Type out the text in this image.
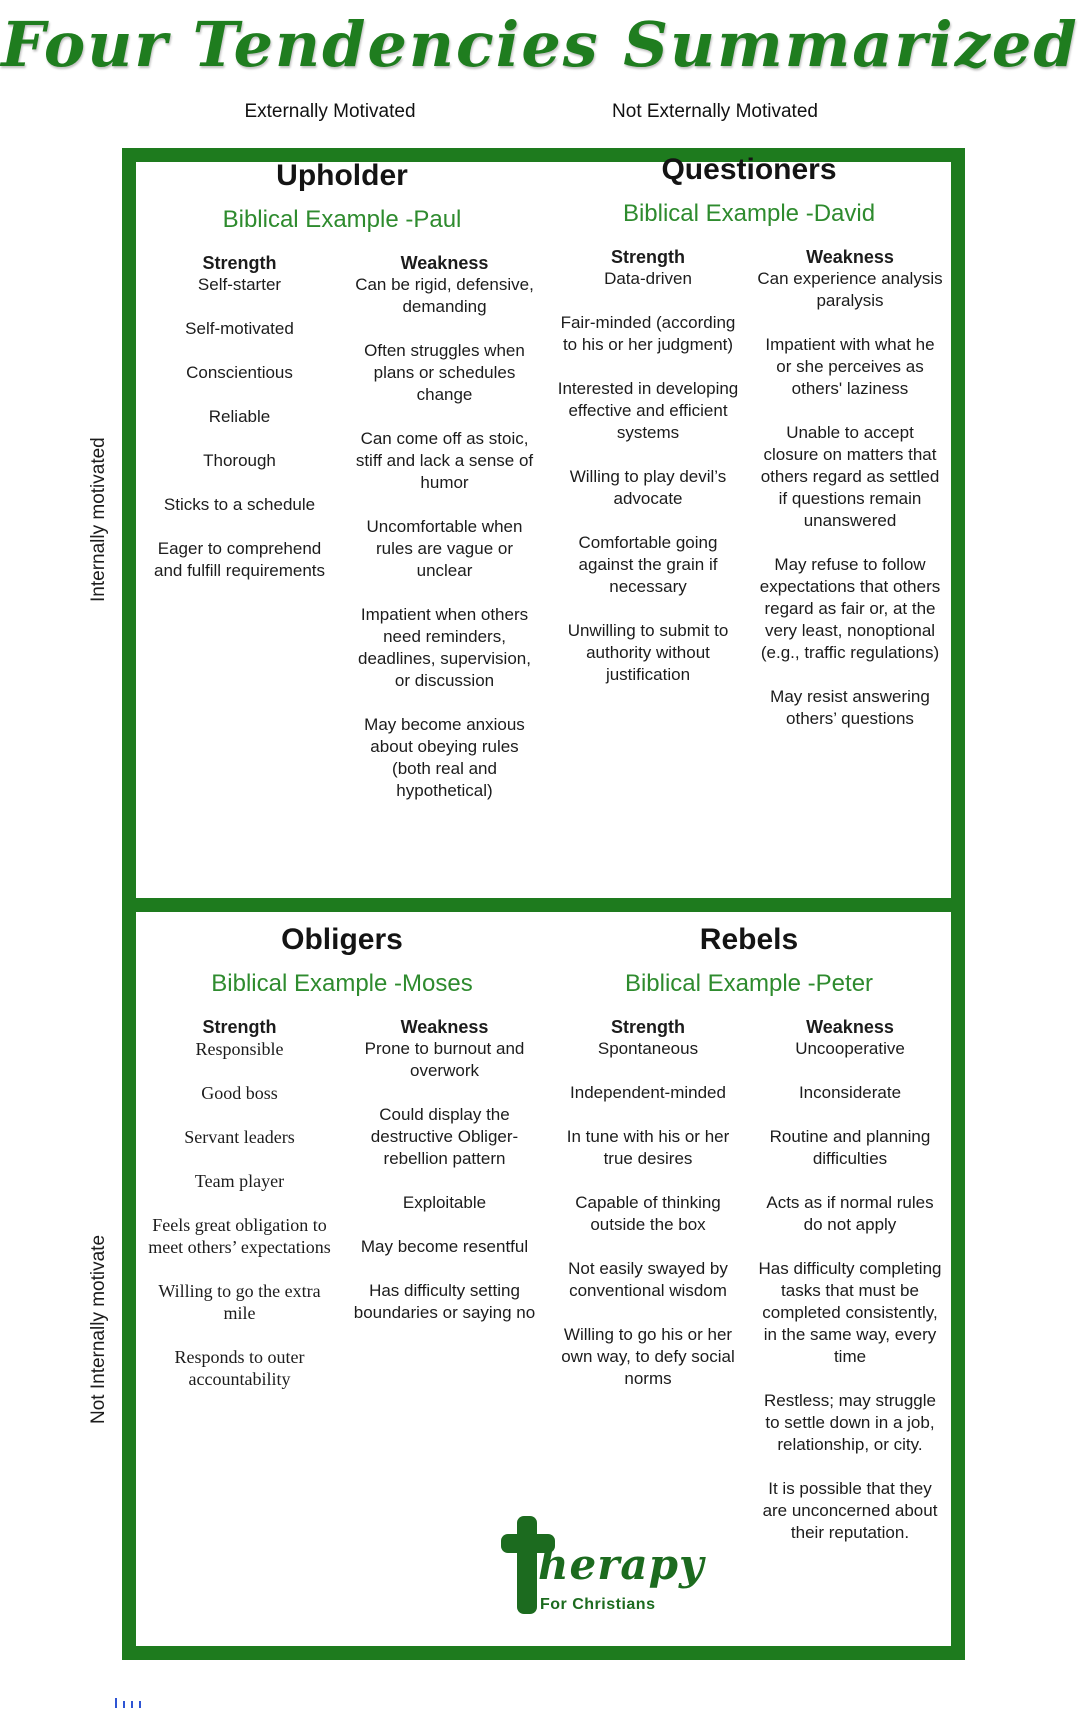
Four Tendencies Summarized
Externally Motivated	Not Externally Motivated
Internally motivated
Not Internally motivate
Upholder
Biblical Example -Paul
Strength
Self-starter
Self-motivated
Conscientious
Reliable
Thorough
Sticks to a schedule
Eager to comprehend and fulfill requirements
Weakness
Can be rigid, defensive, demanding
Often struggles when plans or schedules change
Can come off as stoic, stiff and lack a sense of humor
Uncomfortable when rules are vague or unclear
Impatient when others need reminders, deadlines, supervision, or discussion
May become anxious about obeying rules (both real and hypothetical)
Questioners
Biblical Example -David
Strength
Data-driven
Fair-minded (according to his or her judgment)
Interested in developing effective and efficient systems
Willing to play devil’s advocate
Comfortable going against the grain if necessary
Unwilling to submit to authority without justification
Weakness
Can experience analysis paralysis
Impatient with what he or she perceives as others' laziness
Unable to accept closure on matters that others regard as settled if questions remain unanswered
May refuse to follow expectations that others regard as fair or, at the very least, nonoptional (e.g., traffic regulations)
May resist answering others’ questions
Obligers
Biblical Example -Moses
Strength
Responsible
Good boss
Servant leaders
Team player
Feels great obligation to meet others’ expectations
Willing to go the extra mile
Responds to outer accountability
Weakness
Prone to burnout and overwork
Could display the destructive Obliger-rebellion pattern
Exploitable
May become resentful
Has difficulty setting boundaries or saying no
Rebels
Biblical Example -Peter
Strength
Spontaneous
Independent-minded
In tune with his or her true desires
Capable of thinking outside the box
Not easily swayed by conventional wisdom
Willing to go his or her own way, to defy social norms
Weakness
Uncooperative
Inconsiderate
Routine and planning difficulties
Acts as if normal rules do not apply
Has difficulty completing tasks that must be completed consistently, in the same way, every time
Restless; may struggle to settle down in a job, relationship, or city.
It is possible that they are unconcerned about their reputation.
herapy
For Christians
